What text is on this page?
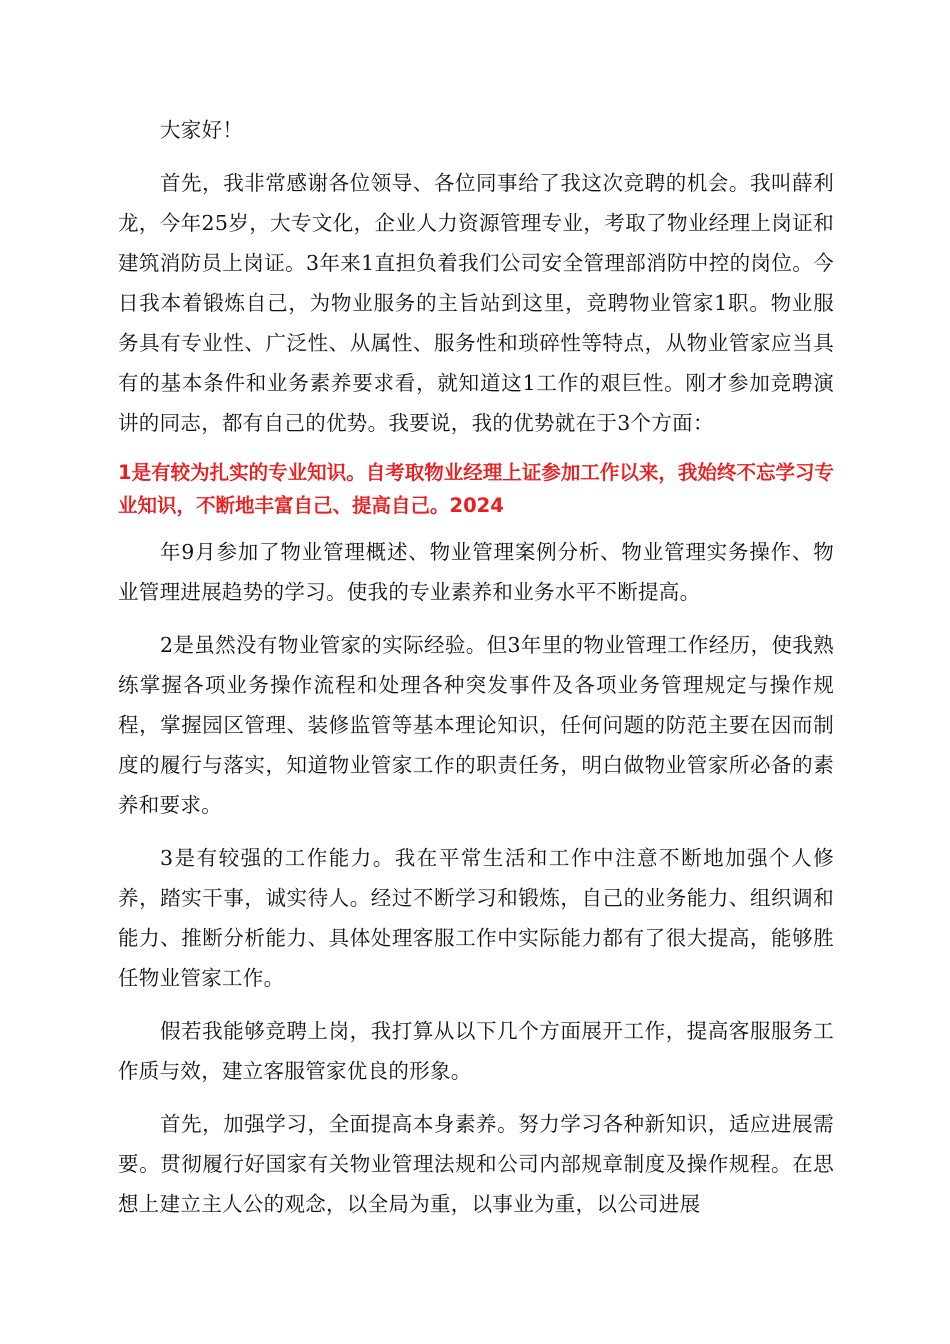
大家好！

首先，我非常感谢各位领导、各位同事给了我这次竞聘的机会。我叫薛利龙，今年25岁，大专文化，企业人力资源管理专业，考取了物业经理上岗证和建筑消防员上岗证。3年来1直担负着我们公司安全管理部消防中控的岗位。今日我本着锻炼自己，为物业服务的主旨站到这里，竞聘物业管家1职。物业服务具有专业性、广泛性、从属性、服务性和琐碎性等特点，从物业管家应当具有的基本条件和业务素养要求看，就知道这1工作的艰巨性。刚才参加竞聘演讲的同志，都有自己的优势。我要说，我的优势就在于3个方面：

1是有较为扎实的专业知识。自考取物业经理上证参加工作以来，我始终不忘学习专业知识，不断地丰富自己、提高自己。2024

年9月参加了物业管理概述、物业管理案例分析、物业管理实务操作、物业管理进展趋势的学习。使我的专业素养和业务水平不断提高。

2是虽然没有物业管家的实际经验。但3年里的物业管理工作经历，使我熟练掌握各项业务操作流程和处理各种突发事件及各项业务管理规定与操作规程，掌握园区管理、装修监管等基本理论知识，任何问题的防范主要在因而制度的履行与落实，知道物业管家工作的职责任务，明白做物业管家所必备的素养和要求。

3是有较强的工作能力。我在平常生活和工作中注意不断地加强个人修养，踏实干事，诚实待人。经过不断学习和锻炼，自己的业务能力、组织调和能力、推断分析能力、具体处理客服工作中实际能力都有了很大提高，能够胜任物业管家工作。

假若我能够竞聘上岗，我打算从以下几个方面展开工作，提高客服服务工作质与效，建立客服管家优良的形象。

首先，加强学习，全面提高本身素养。努力学习各种新知识，适应进展需要。贯彻履行好国家有关物业管理法规和公司内部规章制度及操作规程。在思想上建立主人公的观念，以全局为重，以事业为重，以公司进展
